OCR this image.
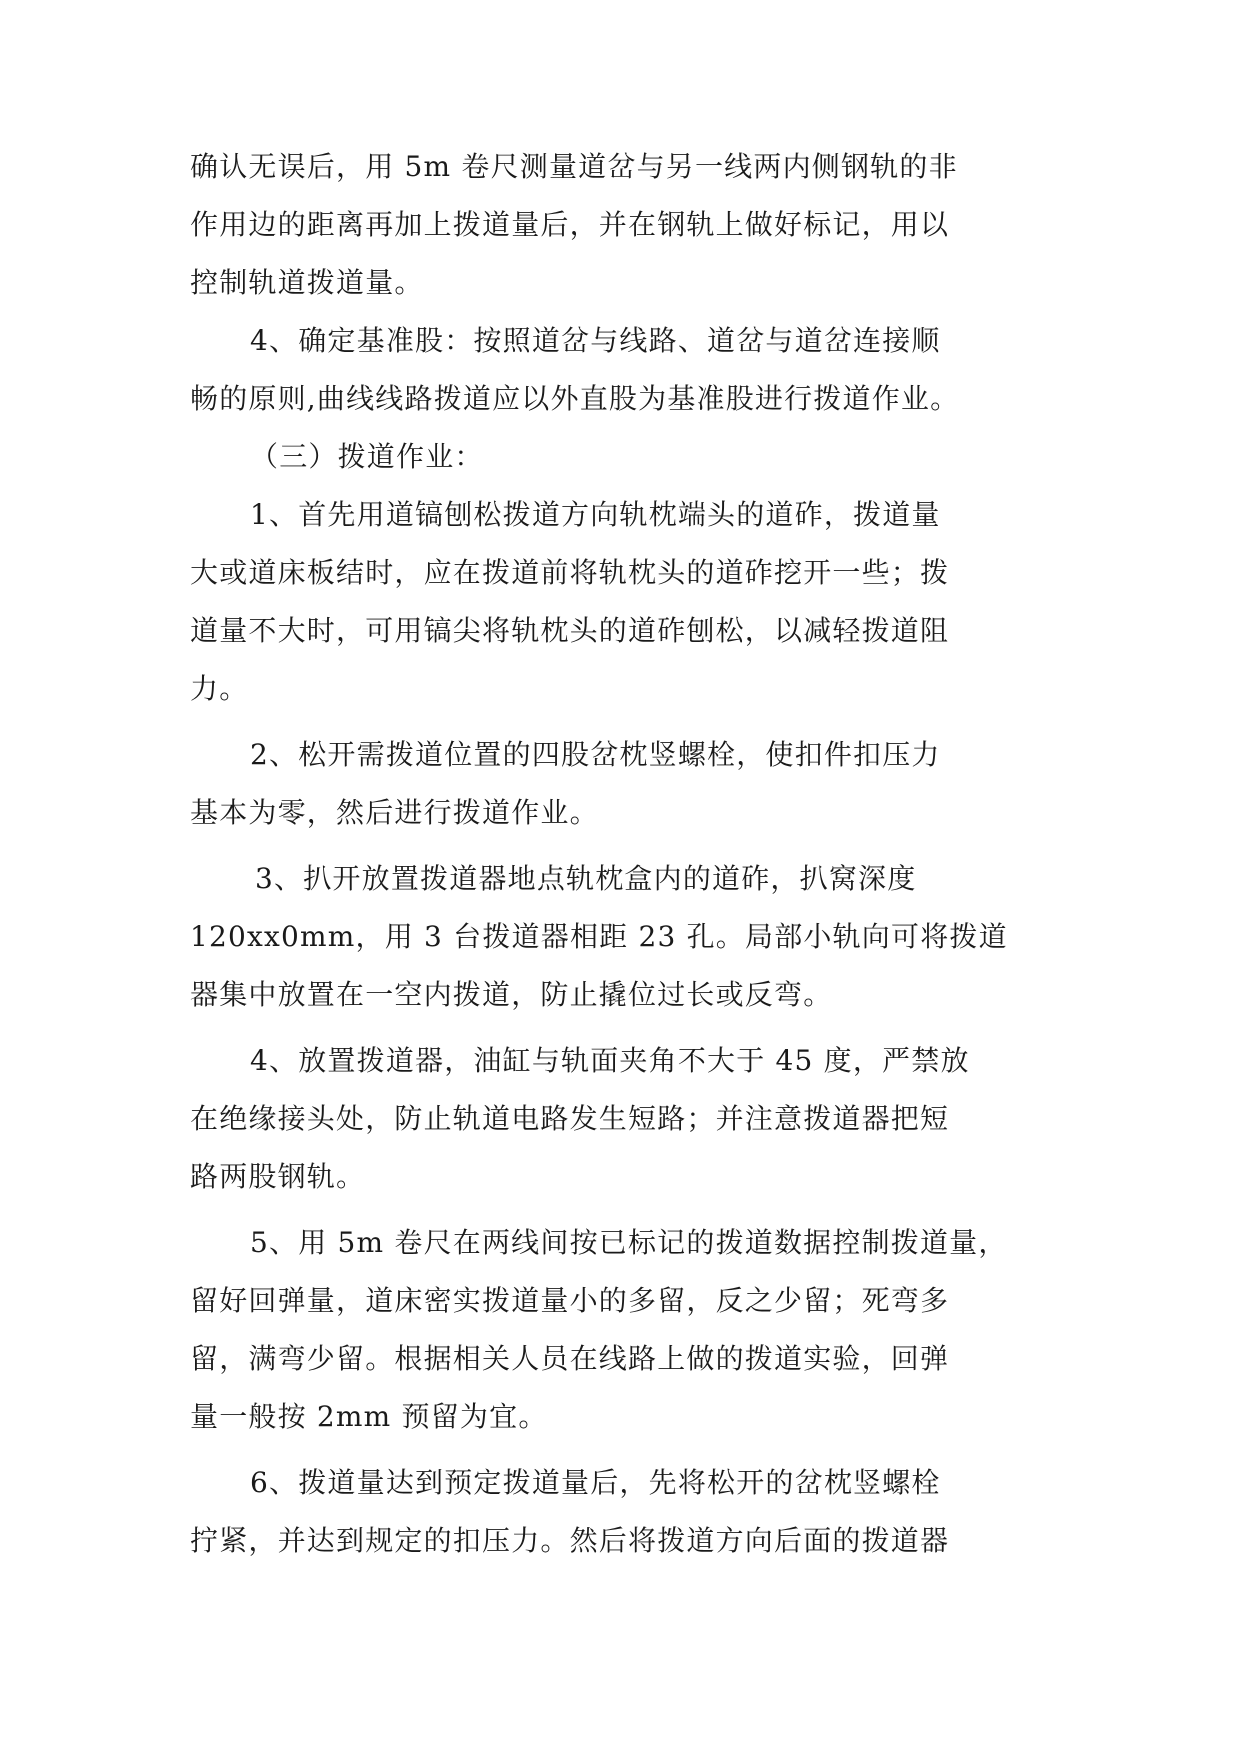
确认无误后，用 5m 卷尺测量道岔与另一线两内侧钢轨的非
作用边的距离再加上拨道量后，并在钢轨上做好标记，用以
控制轨道拨道量。
4、确定基准股：按照道岔与线路、道岔与道岔连接顺
畅的原则,曲线线路拨道应以外直股为基准股进行拨道作业。
（三）拨道作业：
1、首先用道镐刨松拨道方向轨枕端头的道砟，拨道量
大或道床板结时，应在拨道前将轨枕头的道砟挖开一些；拨
道量不大时，可用镐尖将轨枕头的道砟刨松，以减轻拨道阻
力。
2、松开需拨道位置的四股岔枕竖螺栓，使扣件扣压力
基本为零，然后进行拨道作业。
3、扒开放置拨道器地点轨枕盒内的道砟，扒窝深度
120xx0mm，用 3 台拨道器相距 23 孔。局部小轨向可将拨道
器集中放置在一空内拨道，防止撬位过长或反弯。
4、放置拨道器，油缸与轨面夹角不大于 45 度，严禁放
在绝缘接头处，防止轨道电路发生短路；并注意拨道器把短
路两股钢轨。
5、用 5m 卷尺在两线间按已标记的拨道数据控制拨道量，
留好回弹量，道床密实拨道量小的多留，反之少留；死弯多
留，满弯少留。根据相关人员在线路上做的拨道实验，回弹
量一般按 2mm 预留为宜。
6、拨道量达到预定拨道量后，先将松开的岔枕竖螺栓
拧紧，并达到规定的扣压力。然后将拨道方向后面的拨道器
